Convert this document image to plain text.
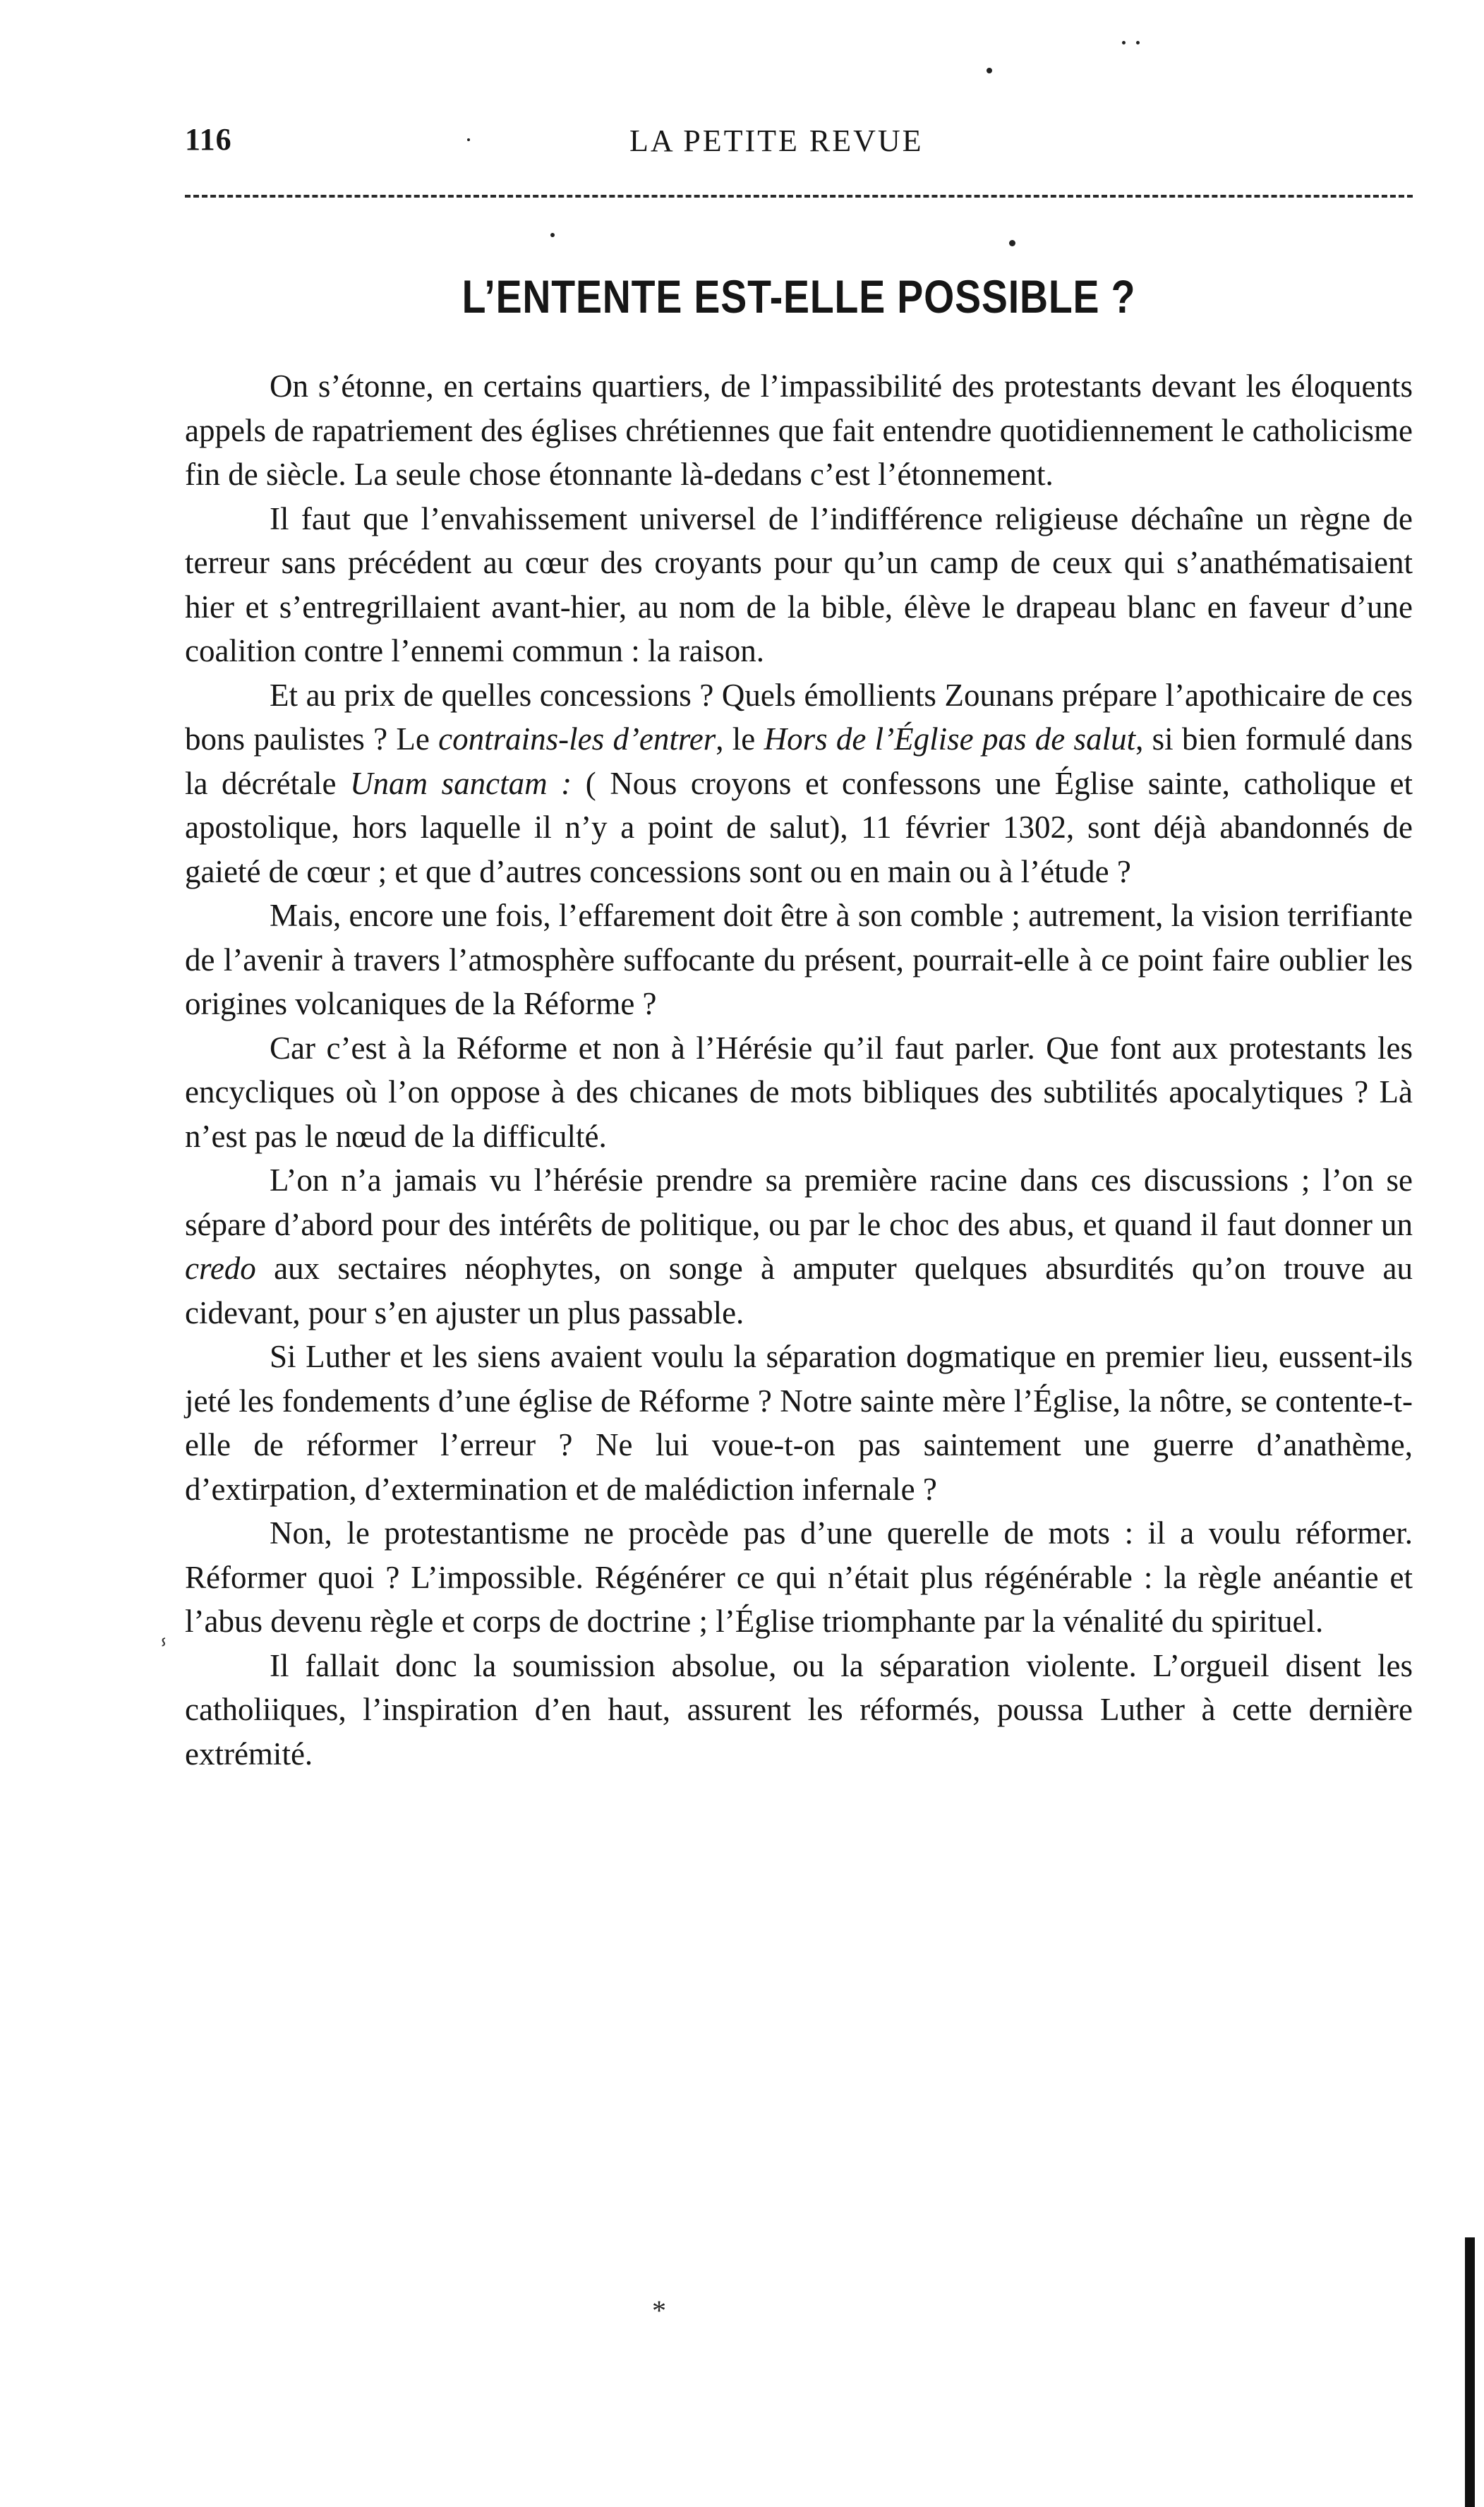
116	LA PETITE REVUE
L’ENTENTE EST-ELLE POSSIBLE ?

On s’étonne, en certains quartiers, de l’impassibilité des protestants devant les éloquents appels de rapatriement des églises chrétiennes que fait entendre quotidiennement le catholicisme fin de siècle. La seule chose étonnante là-dedans c’est l’étonnement.

Il faut que l’envahissement universel de l’indifférence religieuse déchaîne un règne de terreur sans précédent au cœur des croyants pour qu’un camp de ceux qui s’anathématisaient hier et s’entregrillaient avant-hier, au nom de la bible, élève le drapeau blanc en faveur d’une coalition contre l’ennemi commun : la raison.

Et au prix de quelles concessions ? Quels émollients Zounans prépare l’apothicaire de ces bons paulistes ? Le contrains-les d’entrer, le Hors de l’Église pas de salut, si bien formulé dans la décrétale Unam sanctam : ( Nous croyons et confessons une Église sainte, catholique et apostolique, hors laquelle il n’y a point de salut), 11 février 1302, sont déjà abandonnés de gaieté de cœur ; et que d’autres concessions sont ou en main ou à l’étude ?

Mais, encore une fois, l’effarement doit être à son comble ; autrement, la vision terrifiante de l’avenir à travers l’atmosphère suffocante du présent, pourrait-elle à ce point faire oublier les origines volcaniques de la Réforme ?

Car c’est à la Réforme et non à l’Hérésie qu’il faut parler. Que font aux protestants les encycliques où l’on oppose à des chicanes de mots bibliques des subtilités apocalytiques ? Là n’est pas le nœud de la difficulté.

L’on n’a jamais vu l’hérésie prendre sa première racine dans ces discussions ; l’on se sépare d’abord pour des intérêts de politique, ou par le choc des abus, et quand il faut donner un credo aux sectaires néophytes, on songe à amputer quelques absurdités qu’on trouve au cidevant, pour s’en ajuster un plus passable.

Si Luther et les siens avaient voulu la séparation dogmatique en premier lieu, eussent-ils jeté les fondements d’une église de Réforme ? Notre sainte mère l’Église, la nôtre, se contente-t-elle de réformer l’erreur ? Ne lui voue-t-on pas saintement une guerre d’anathème, d’extirpation, d’extermination et de malédiction infernale ?

Non, le protestantisme ne procède pas d’une querelle de mots : il a voulu réformer. Réformer quoi ? L’impossible. Régénérer ce qui n’était plus régénérable : la règle anéantie et l’abus devenu règle et corps de doctrine ; l’Église triomphante par la vénalité du spirituel.

Il fallait donc la soumission absolue, ou la séparation violente. L’orgueil disent les catholiiques, l’inspiration d’en haut, assurent les réformés, poussa Luther à cette dernière extrémité.

ⸯ
*
